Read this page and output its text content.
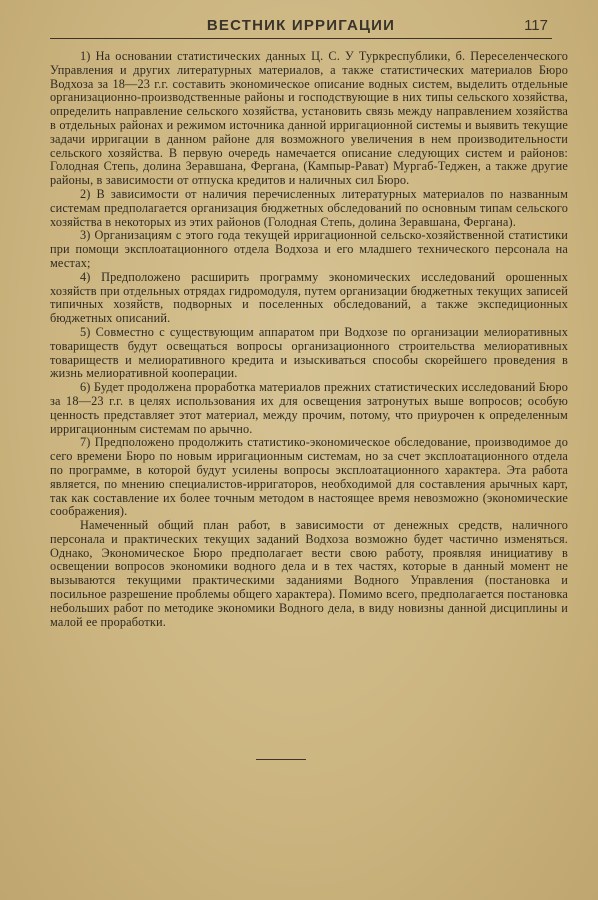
ВЕСТНИК ИРРИГАЦИИ	117

1) На основании статистических данных Ц. С. У Туркреспублики, б. Переселенческого Управления и других литературных материалов, а также статистических материалов Бюро Водхоза за 18—23 г.г. составить экономическое описание водных систем, выделить отдельные организационно-производственные районы и господствующие в них типы сельского хозяйства, определить направление сельского хозяйства, установить связь между направлением хозяйства в отдельных районах и режимом источника данной ирригационной системы и выявить текущие задачи ирригации в данном районе для возможного увеличения в нем производительности сельского хозяйства. В первую очередь намечается описание следующих систем и районов: Голодная Степь, долина Зеравшана, Фергана, (Кампыр-Рават) Мургаб-Теджен, а также другие районы, в зависимости от отпуска кредитов и наличных сил Бюро.

2) В зависимости от наличия перечисленных литературных материалов по названным системам предполагается организация бюджетных обследований по основным типам сельского хозяйства в некоторых из этих районов (Голодная Степь, долина Зеравшана, Фергана).

3) Организациям с этого года текущей ирригационной сельско-хозяйственной статистики при помощи эксплоатационного отдела Водхоза и его младшего технического персонала на местах;

4) Предположено расширить программу экономических исследований орошенных хозяйств при отдельных отрядах гидромодуля, путем организации бюджетных текущих записей типичных хозяйств, подворных и поселенных обследований, а также экспедиционных бюджетных описаний.

5) Совместно с существующим аппаратом при Водхозе по организации мелиоративных товариществ будут освещаться вопросы организационного строительства мелиоративных товариществ и мелиоративного кредита и изыскиваться способы скорейшего проведения в жизнь мелиоративной кооперации.

6) Будет продолжена проработка материалов прежних статистических исследований Бюро за 18—23 г.г. в целях использования их для освещения затронутых выше вопросов; особую ценность представляет этот материал, между прочим, потому, что приурочен к определенным ирригационным системам по арычно.

7) Предположено продолжить статистико-экономическое обследование, производимое до сего времени Бюро по новым ирригационным системам, но за счет эксплоатационного отдела по программе, в которой будут усилены вопросы эксплоатационного характера. Эта работа является, по мнению специалистов-ирригаторов, необходимой для составления арычных карт, так как составление их более точным методом в настоящее время невозможно (экономические соображения).

Намеченный общий план работ, в зависимости от денежных средств, наличного персонала и практических текущих заданий Водхоза возможно будет частично изменяться. Однако, Экономическое Бюро предполагает вести свою работу, проявляя инициативу в освещении вопросов экономики водного дела и в тех частях, которые в данный момент не вызываются текущими практическими заданиями Водного Управления (постановка и посильное разрешение проблемы общего характера). Помимо всего, предполагается постановка небольших работ по методике экономики Водного дела, в виду новизны данной дисциплины и малой ее проработки.
